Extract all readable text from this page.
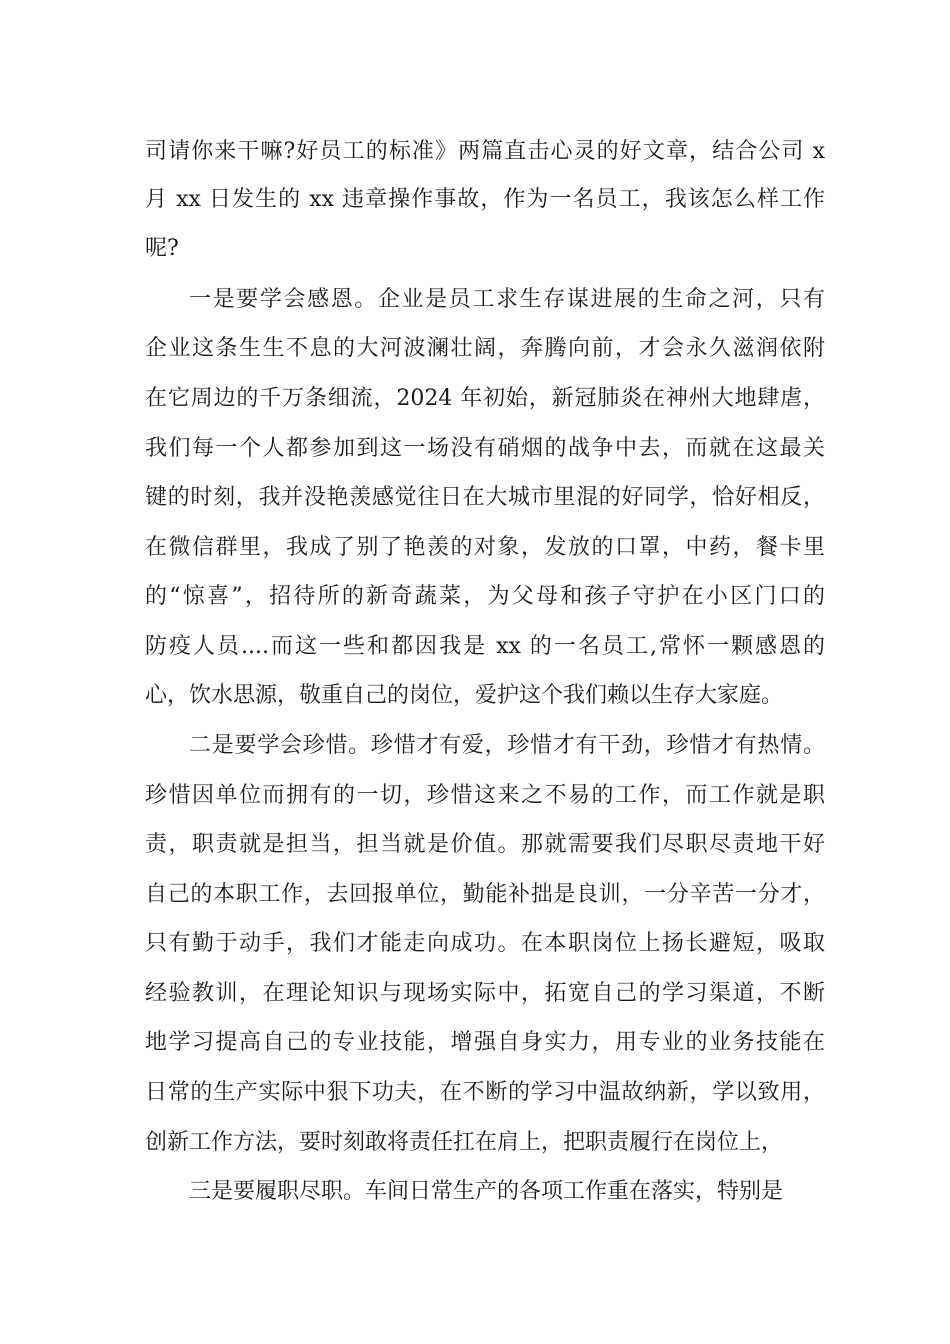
司请你来干嘛?好员工的标准》两篇直击心灵的好文章，结合公司 x
月 xx 日发生的 xx 违章操作事故，作为一名员工，我该怎么样工作
呢?
一是要学会感恩。企业是员工求生存谋进展的生命之河，只有
企业这条生生不息的大河波澜壮阔，奔腾向前，才会永久滋润依附
在它周边的千万条细流，2024 年初始，新冠肺炎在神州大地肆虐，
我们每一个人都参加到这一场没有硝烟的战争中去，而就在这最关
键的时刻，我并没艳羡感觉往日在大城市里混的好同学，恰好相反，
在微信群里，我成了别了艳羡的对象，发放的口罩，中药，餐卡里
的“惊喜”，招待所的新奇蔬菜，为父母和孩子守护在小区门口的
防疫人员....而这一些和都因我是 xx 的一名员工,常怀一颗感恩的
心，饮水思源，敬重自己的岗位，爱护这个我们赖以生存大家庭。
二是要学会珍惜。珍惜才有爱，珍惜才有干劲，珍惜才有热情。
珍惜因单位而拥有的一切，珍惜这来之不易的工作，而工作就是职
责，职责就是担当，担当就是价值。那就需要我们尽职尽责地干好
自己的本职工作，去回报单位，勤能补拙是良训，一分辛苦一分才，
只有勤于动手，我们才能走向成功。在本职岗位上扬长避短，吸取
经验教训，在理论知识与现场实际中，拓宽自己的学习渠道，不断
地学习提高自己的专业技能，增强自身实力，用专业的业务技能在
日常的生产实际中狠下功夫，在不断的学习中温故纳新，学以致用，
创新工作方法，要时刻敢将责任扛在肩上，把职责履行在岗位上，
三是要履职尽职。车间日常生产的各项工作重在落实，特别是
